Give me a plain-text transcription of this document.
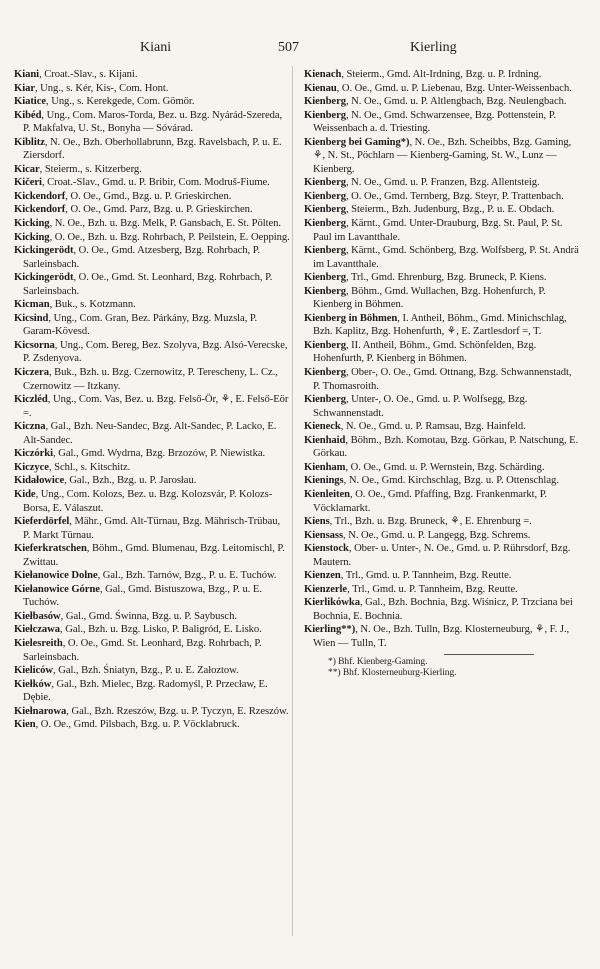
Kiani	507	Kierling
Kiani, Croat.-Slav., s. Kijani.
Kiar, Ung., s. Kér, Kis-, Com. Hont.
Kiatice, Ung., s. Kerekgede, Com. Gömör.
Kibéd, Ung., Com. Maros-Torda, Bez. u. Bzg. Nyárád-Szereda, P. Makfalva, U. St., Bonyha — Sóvárad.
Kiblitz, N. Oe., Bzh. Oberhollabrunn, Bzg. Ravelsbach, P. u. E. Ziersdorf.
Kicar, Steierm., s. Kitzerberg.
Kičeri, Croat.-Slav., Gmd. u. P. Bribir, Com. Modruš-Fiume.
Kickendorf, O. Oe., Gmd., Bzg. u. P. Grieskirchen.
Kickendorf, O. Oe., Gmd. Parz, Bzg. u. P. Grieskirchen.
Kicking, N. Oe., Bzh. u. Bzg. Melk, P. Gansbach, E. St. Pölten.
Kicking, O. Oe., Bzh. u. Bzg. Rohrbach, P. Peilstein, E. Oepping.
Kickingerödt, O. Oe., Gmd. Atzesberg, Bzg. Rohrbach, P. Sarleinsbach.
Kickingerödt, O. Oe., Gmd. St. Leonhard, Bzg. Rohrbach, P. Sarleinsbach.
Kicman, Buk., s. Kotzmann.
Kicsind, Ung., Com. Gran, Bez. Párkány, Bzg. Muzsla, P. Garam-Kövesd.
Kicsorna, Ung., Com. Bereg, Bez. Szolyva, Bzg. Alsó-Verecske, P. Zsdenyova.
Kiczera, Buk., Bzh. u. Bzg. Czernowitz, P. Terescheny, L. Cz., Czernowitz — Itzkany.
Kiczléd, Ung., Com. Vas, Bez. u. Bzg. Felső-Ör, ⚘, E. Felső-Eör =.
Kiczna, Gal., Bzh. Neu-Sandec, Bzg. Alt-Sandec, P. Lacko, E. Alt-Sandec.
Kiczórki, Gal., Gmd. Wydrna, Bzg. Brzozów, P. Niewistka.
Kiczyce, Schl., s. Kitschitz.
Kidałowice, Gal., Bzh., Bzg. u. P. Jarosłau.
Kide, Ung., Com. Kolozs, Bez. u. Bzg. Kolozsvár, P. Kolozs-Borsa, E. Válaszut.
Kieferdörfel, Mähr., Gmd. Alt-Türnau, Bzg. Mährisch-Trübau, P. Markt Türnau.
Kieferkratschen, Böhm., Gmd. Blumenau, Bzg. Leitomischl, P. Zwittau.
Kiełanowice Dolne, Gal., Bzh. Tarnów, Bzg., P. u. E. Tuchów.
Kiełanowice Górne, Gal., Gmd. Bistuszowa, Bzg., P. u. E. Tuchów.
Kiełbasów, Gal., Gmd. Świnna, Bzg. u. P. Saybusch.
Kiełczawa, Gal., Bzh. u. Bzg. Lisko, P. Baligród, E. Lisko.
Kielesreith, O. Oe., Gmd. St. Leonhard, Bzg. Rohrbach, P. Sarleinsbach.
Kieliców, Gal., Bzh. Śniatyn, Bzg., P. u. E. Załoztow.
Kiełków, Gal., Bzh. Mielec, Bzg. Radomyśl, P. Przecław, E. Dębie.
Kiełnarowa, Gal., Bzh. Rzeszów, Bzg. u. P. Tyczyn, E. Rzeszów.
Kien, O. Oe., Gmd. Pilsbach, Bzg. u. P. Vöcklabruck.
Kienach, Steierm., Gmd. Alt-Irdning, Bzg. u. P. Irdning.
Kienau, O. Oe., Gmd. u. P. Liebenau, Bzg. Unter-Weissenbach.
Kienberg, N. Oe., Gmd. u. P. Altlengbach, Bzg. Neulengbach.
Kienberg, N. Oe., Gmd. Schwarzensee, Bzg. Pottenstein, P. Weissenbach a. d. Triesting.
Kienberg bei Gaming*), N. Oe., Bzh. Scheibbs, Bzg. Gaming, ⚘, N. St., Pöchlarn — Kienberg-Gaming, St. W., Lunz — Kienberg.
Kienberg, N. Oe., Gmd. u. P. Franzen, Bzg. Allentsteig.
Kienberg, O. Oe., Gmd. Ternberg, Bzg. Steyr, P. Trattenbach.
Kienberg, Steierm., Bzh. Judenburg, Bzg., P. u. E. Obdach.
Kienberg, Kärnt., Gmd. Unter-Drauburg, Bzg. St. Paul, P. St. Paul im Lavantthale.
Kienberg, Kärnt., Gmd. Schönberg, Bzg. Wolfsberg, P. St. Andrä im Lavantthale.
Kienberg, Trl., Gmd. Ehrenburg, Bzg. Bruneck, P. Kiens.
Kienberg, Böhm., Gmd. Wullachen, Bzg. Hohenfurch, P. Kienberg in Böhmen.
Kienberg in Böhmen, I. Antheil, Böhm., Gmd. Minichschlag, Bzh. Kaplitz, Bzg. Hohenfurth, ⚘, E. Zartlesdorf =, T.
Kienberg, II. Antheil, Böhm., Gmd. Schönfelden, Bzg. Hohenfurth, P. Kienberg in Böhmen.
Kienberg, Ober-, O. Oe., Gmd. Ottnang, Bzg. Schwannenstadt, P. Thomasroith.
Kienberg, Unter-, O. Oe., Gmd. u. P. Wolfsegg, Bzg. Schwannenstadt.
Kieneck, N. Oe., Gmd. u. P. Ramsau, Bzg. Hainfeld.
Kienhaid, Böhm., Bzh. Komotau, Bzg. Görkau, P. Natschung, E. Görkau.
Kienham, O. Oe., Gmd. u. P. Wernstein, Bzg. Schärding.
Kienings, N. Oe., Gmd. Kirchschlag, Bzg. u. P. Ottenschlag.
Kienleiten, O. Oe., Gmd. Pfaffing, Bzg. Frankenmarkt, P. Vöcklamarkt.
Kiens, Trl., Bzh. u. Bzg. Bruneck, ⚘, E. Ehrenburg =.
Kiensass, N. Oe., Gmd. u. P. Langegg, Bzg. Schrems.
Kienstock, Ober- u. Unter-, N. Oe., Gmd. u. P. Rührsdorf, Bzg. Mautern.
Kienzen, Trl., Gmd. u. P. Tannheim, Bzg. Reutte.
Kienzerle, Trl., Gmd. u. P. Tannheim, Bzg. Reutte.
Kierlikówka, Gal., Bzh. Bochnia, Bzg. Wiśnicz, P. Trzciana bei Bochnia, E. Bochnia.
Kierling**), N. Oe., Bzh. Tulln, Bzg. Klosterneuburg, ⚘, F. J., Wien — Tulln, T.
*) Bhf. Kienberg-Gaming.
**) Bhf. Klosterneuburg-Kierling.
